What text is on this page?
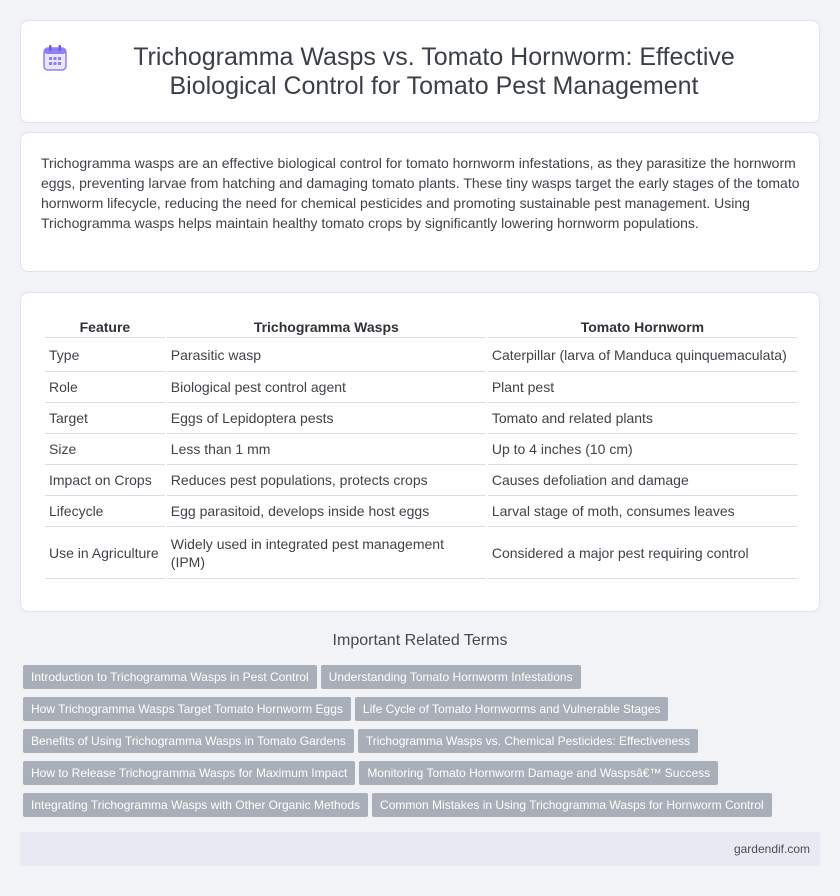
Trichogramma Wasps vs. Tomato Hornworm: Effective Biological Control for Tomato Pest Management

Trichogramma wasps are an effective biological control for tomato hornworm infestations, as they parasitize the hornworm eggs, preventing larvae from hatching and damaging tomato plants. These tiny wasps target the early stages of the tomato hornworm lifecycle, reducing the need for chemical pesticides and promoting sustainable pest management. Using Trichogramma wasps helps maintain healthy tomato crops by significantly lowering hornworm populations.

Feature	Trichogramma Wasps	Tomato Hornworm
Type	Parasitic wasp	Caterpillar (larva of Manduca quinquemaculata)
Role	Biological pest control agent	Plant pest
Target	Eggs of Lepidoptera pests	Tomato and related plants
Size	Less than 1 mm	Up to 4 inches (10 cm)
Impact on Crops	Reduces pest populations, protects crops	Causes defoliation and damage
Lifecycle	Egg parasitoid, develops inside host eggs	Larval stage of moth, consumes leaves
Use in Agriculture	Widely used in integrated pest management (IPM)	Considered a major pest requiring control
Important Related Terms
Introduction to Trichogramma Wasps in Pest Control Understanding Tomato Hornworm Infestations
How Trichogramma Wasps Target Tomato Hornworm Eggs Life Cycle of Tomato Hornworms and Vulnerable Stages
Benefits of Using Trichogramma Wasps in Tomato Gardens Trichogramma Wasps vs. Chemical Pesticides: Effectiveness
How to Release Trichogramma Wasps for Maximum Impact Monitoring Tomato Hornworm Damage and Waspsâ€™ Success
Integrating Trichogramma Wasps with Other Organic Methods Common Mistakes in Using Trichogramma Wasps for Hornworm Control
gardendif.com
